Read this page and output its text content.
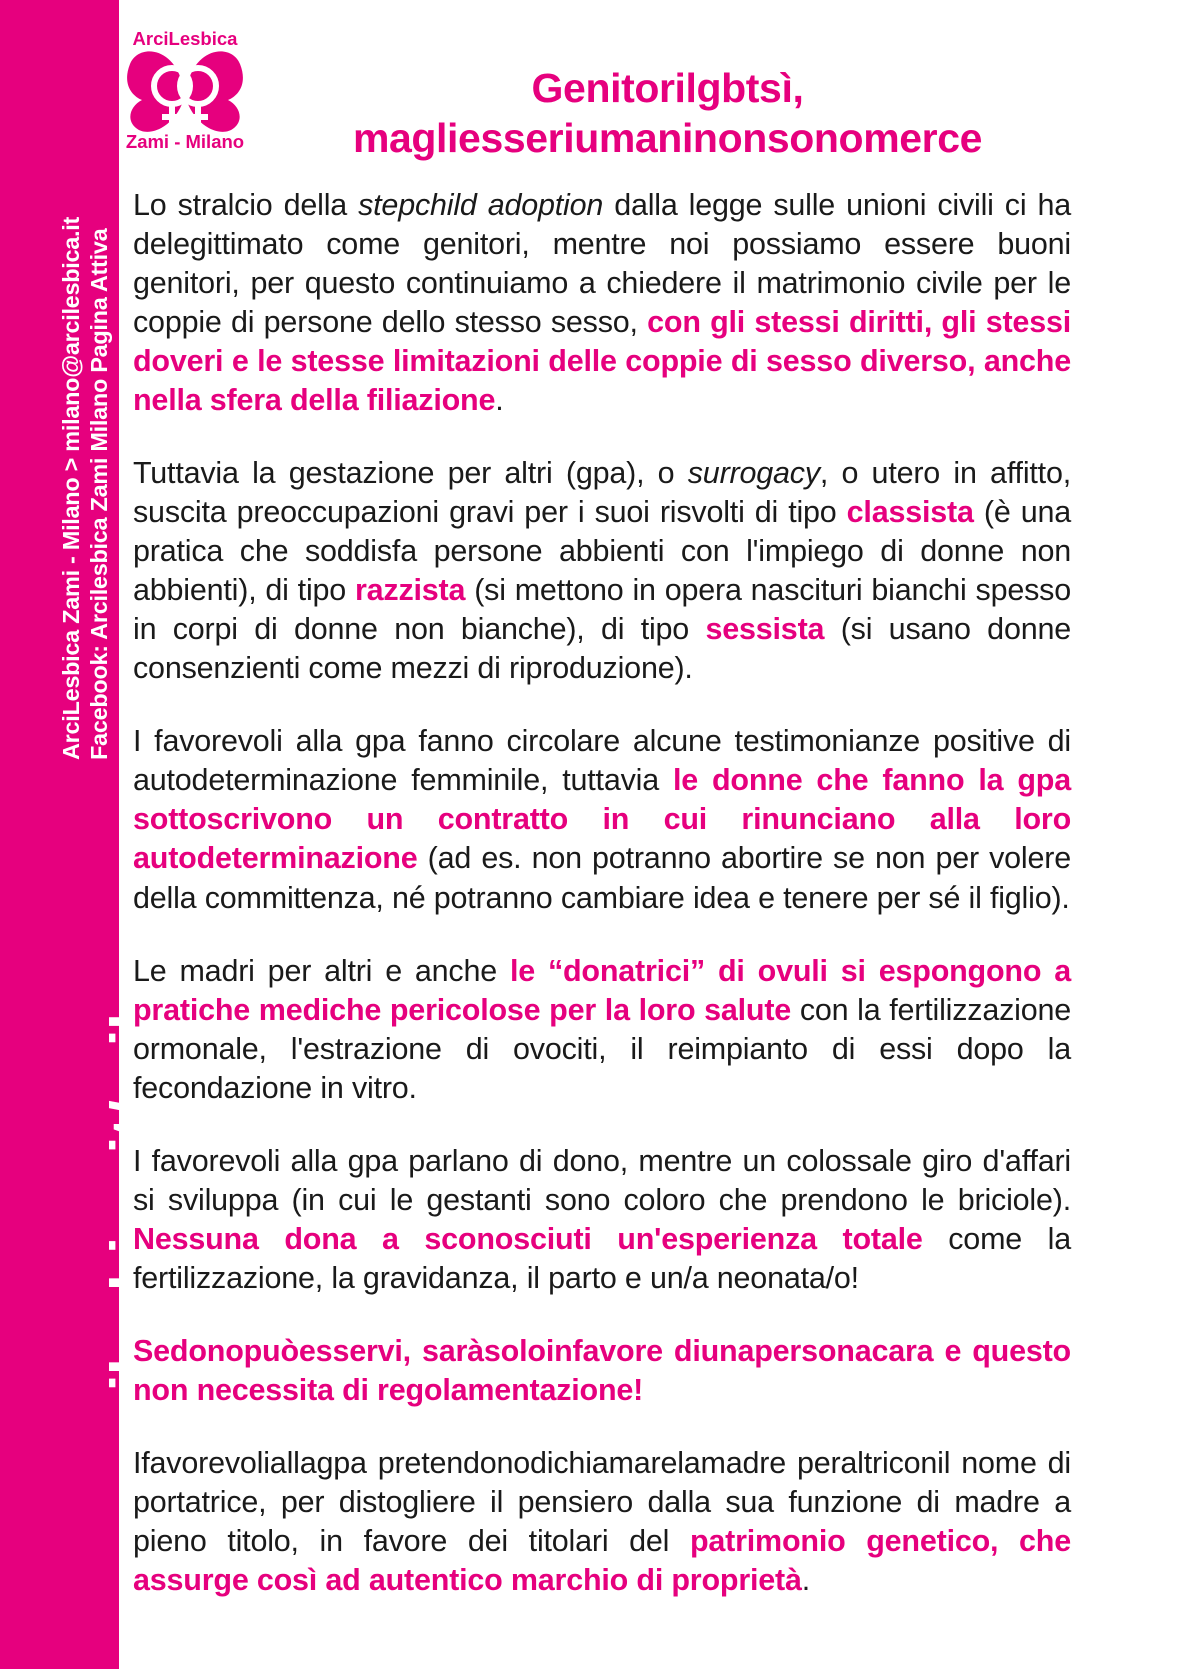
ArciLesbica Zami - Milano > milano@arcilesbica.it Facebook: Arcilesbica Zami Milano Pagina Attiva
www.arcilesbica.it/milano
ArciLesbica
Zami - Milano
Genitorilgbtsì,
magliesseriumaninonsonomerce

Lo stralcio della stepchild adoption dalla legge sulle unioni civili ci ha delegittimato come genitori, mentre noi possiamo essere buoni genitori, per questo continuiamo a chiedere il matrimonio civile per le coppie di persone dello stesso sesso, con gli stessi diritti, gli stessi doveri e le stesse limitazioni delle coppie di sesso diverso, anche nella sfera della filiazione.

Tuttavia la gestazione per altri (gpa), o surrogacy, o utero in affitto, suscita preoccupazioni gravi per i suoi risvolti di tipo classista (è una pratica che soddisfa persone abbienti con l'impiego di donne non abbienti), di tipo razzista (si mettono in opera nascituri bianchi spesso in corpi di donne non bianche), di tipo sessista (si usano donne consenzienti come mezzi di riproduzione).

I favorevoli alla gpa fanno circolare alcune testimonianze positive di autodeterminazione femminile, tuttavia le donne che fanno la gpa sottoscrivono un contratto in cui rinunciano alla loro autodeterminazione (ad es. non potranno abortire se non per volere della committenza, né potranno cambiare idea e tenere per sé il figlio).

Le madri per altri e anche le “donatrici” di ovuli si espongono a pratiche mediche pericolose per la loro salute con la fertilizzazione ormonale, l'estrazione di ovociti, il reimpianto di essi dopo la fecondazione in vitro.

I favorevoli alla gpa parlano di dono, mentre un colossale giro d'affari si sviluppa (in cui le gestanti sono coloro che prendono le briciole). Nessuna dona a sconosciuti un'esperienza totale come la fertilizzazione, la gravidanza, il parto e un/a neonata/o!

Sedonopuòesservi, saràsoloinfavore diunapersonacara e questo non necessita di regolamentazione!

Ifavorevoliallagpa pretendonodichiamarelamadre peraltriconil nome di portatrice, per distogliere il pensiero dalla sua funzione di madre a pieno titolo, in favore dei titolari del patrimonio genetico, che assurge così ad autentico marchio di proprietà.
